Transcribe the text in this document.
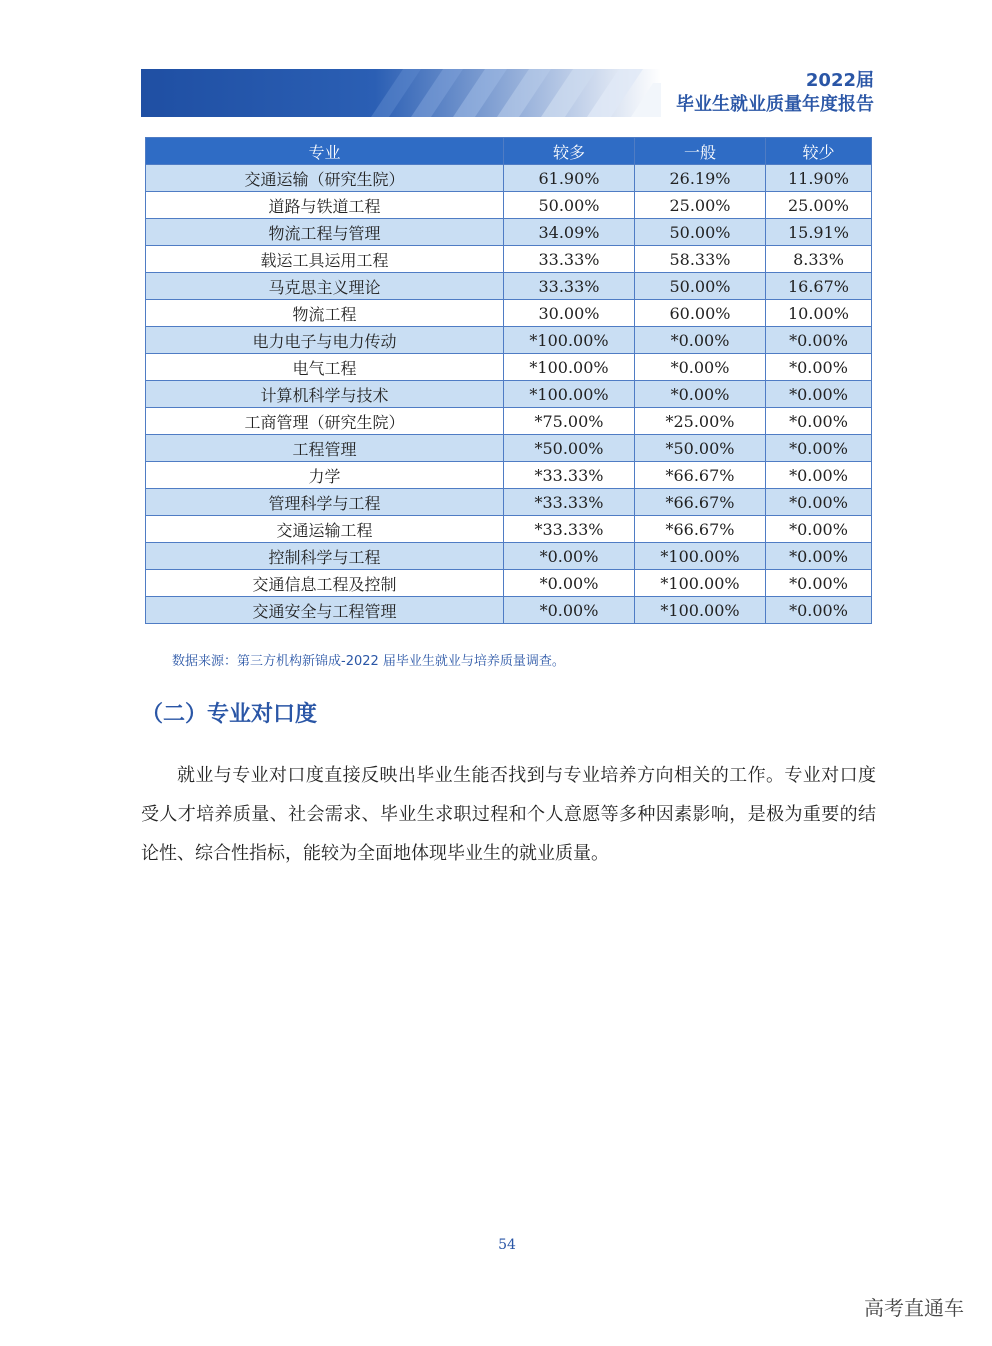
2022届
毕业生就业质量年度报告
专业	较多	一般	较少
交通运输（研究生院）	61.90%	26.19%	11.90%
道路与铁道工程	50.00%	25.00%	25.00%
物流工程与管理	34.09%	50.00%	15.91%
载运工具运用工程	33.33%	58.33%	8.33%
马克思主义理论	33.33%	50.00%	16.67%
物流工程	30.00%	60.00%	10.00%
电力电子与电力传动	*100.00%	*0.00%	*0.00%
电气工程	*100.00%	*0.00%	*0.00%
计算机科学与技术	*100.00%	*0.00%	*0.00%
工商管理（研究生院）	*75.00%	*25.00%	*0.00%
工程管理	*50.00%	*50.00%	*0.00%
力学	*33.33%	*66.67%	*0.00%
管理科学与工程	*33.33%	*66.67%	*0.00%
交通运输工程	*33.33%	*66.67%	*0.00%
控制科学与工程	*0.00%	*100.00%	*0.00%
交通信息工程及控制	*0.00%	*100.00%	*0.00%
交通安全与工程管理	*0.00%	*100.00%	*0.00%
数据来源：第三方机构新锦成-2022 届毕业生就业与培养质量调查。
（二）专业对口度
就业与专业对口度直接反映出毕业生能否找到与专业培养方向相关的工作。专业对口度受人才培养质量、社会需求、毕业生求职过程和个人意愿等多种因素影响，是极为重要的结论性、综合性指标，能较为全面地体现毕业生的就业质量。
54
高考直通车
